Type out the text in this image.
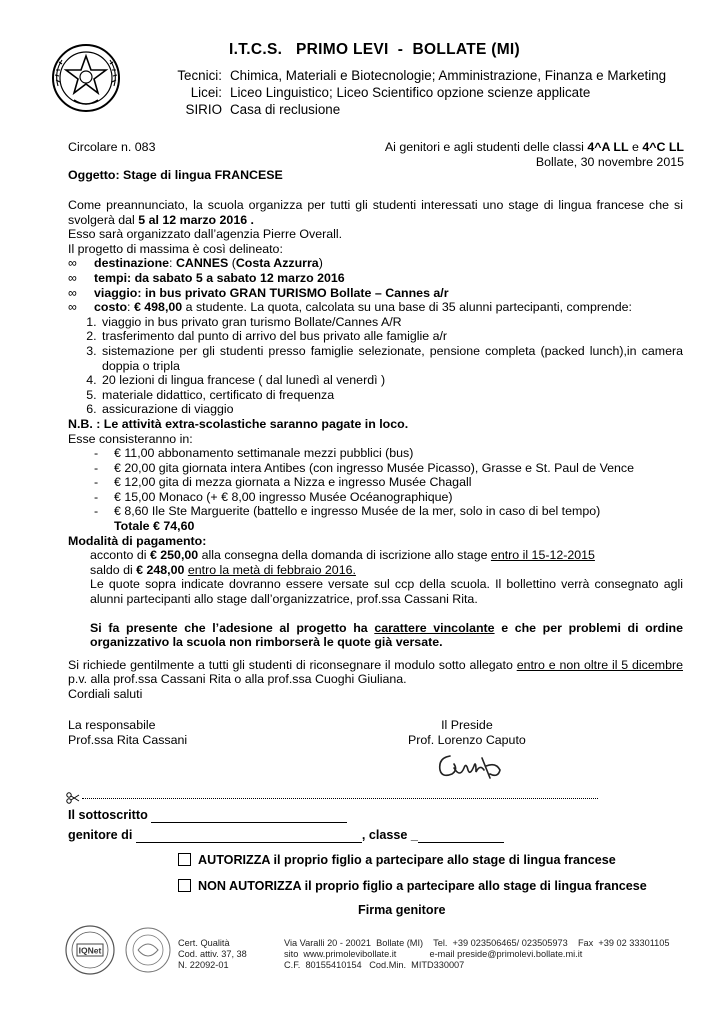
I.T.C.S.   PRIMO LEVI  -  BOLLATE (MI)
Tecnici: Chimica, Materiali e Biotecnologie; Amministrazione, Finanza e Marketing
Licei: Liceo Linguistico; Liceo Scientifico opzione scienze applicate
SIRIO Casa di reclusione
Circolare n. 083	Ai genitori e agli studenti delle classi 4^A LL e 4^C LL
Bollate, 30 novembre 2015
Oggetto: Stage di lingua FRANCESE

Come preannunciato, la scuola organizza per tutti gli studenti interessati uno stage di lingua francese che si svolgerà dal 5 al 12 marzo 2016 .

Esso sarà organizzato dall’agenzia Pierre Overall.

Il progetto di massima è così delineato:

∞ destinazione: CANNES (Costa Azzurra)

∞ tempi: da sabato 5 a sabato 12 marzo 2016

∞ viaggio: in bus privato GRAN TURISMO Bollate – Cannes a/r

∞ costo: € 498,00 a studente. La quota, calcolata su una base di 35 alunni partecipanti, comprende:

1. viaggio in bus privato gran turismo Bollate/Cannes A/R
2. trasferimento dal punto di arrivo del bus privato alle famiglie a/r
3. sistemazione per gli studenti presso famiglie selezionate, pensione completa (packed lunch),in camera doppia o tripla
4. 20 lezioni di lingua francese ( dal lunedì al venerdì )
5. materiale didattico, certificato di frequenza
6. assicurazione di viaggio

N.B. : Le attività extra-scolastiche saranno pagate in loco.

Esse consisteranno in:

- € 11,00 abbonamento settimanale mezzi pubblici (bus)
- € 20,00 gita giornata intera Antibes (con ingresso Musée Picasso), Grasse e St. Paul de Vence
- € 12,00 gita di mezza giornata a Nizza e ingresso Musée Chagall
- € 15,00 Monaco (+ € 8,00 ingresso Musée Océanographique)
- € 8,60 Ile Ste Marguerite (battello e ingresso Musée de la mer, solo in caso di bel tempo)

Totale € 74,60

Modalità di pagamento:

acconto di € 250,00 alla consegna della domanda di iscrizione allo stage entro il 15-12-2015

saldo di € 248,00 entro la metà di febbraio 2016.

Le quote sopra indicate dovranno essere versate sul ccp della scuola. Il bollettino verrà consegnato agli alunni partecipanti allo stage dall’organizzatrice, prof.ssa Cassani Rita.

Si fa presente che l’adesione al progetto ha carattere vincolante e che per problemi di ordine organizzativo la scuola non rimborserà le quote già versate.

Si richiede gentilmente a tutti gli studenti di riconsegnare il modulo sotto allegato entro e non oltre il 5 dicembre p.v. alla prof.ssa Cassani Rita o alla prof.ssa Cuoghi Giuliana.

Cordiali saluti

La responsabile
Prof.ssa Rita Cassani
Il Preside
Prof. Lorenzo Caputo
Il sottoscritto
genitore di	, classe _
AUTORIZZA il proprio figlio a partecipare allo stage di lingua francese
NON AUTORIZZA il proprio figlio a partecipare allo stage di lingua francese
Firma genitore
IQNet
Cert. Qualità
Cod. attiv. 37, 38
N. 22092-01
Via Varalli 20 - 20021  Bollate (MI)    Tel.  +39 023506465/ 023505973    Fax  +39 02 33301105
sito  www.primolevibollate.it             e-mail preside@primolevi.bollate.mi.it
C.F.  80155410154   Cod.Min.  MITD330007
